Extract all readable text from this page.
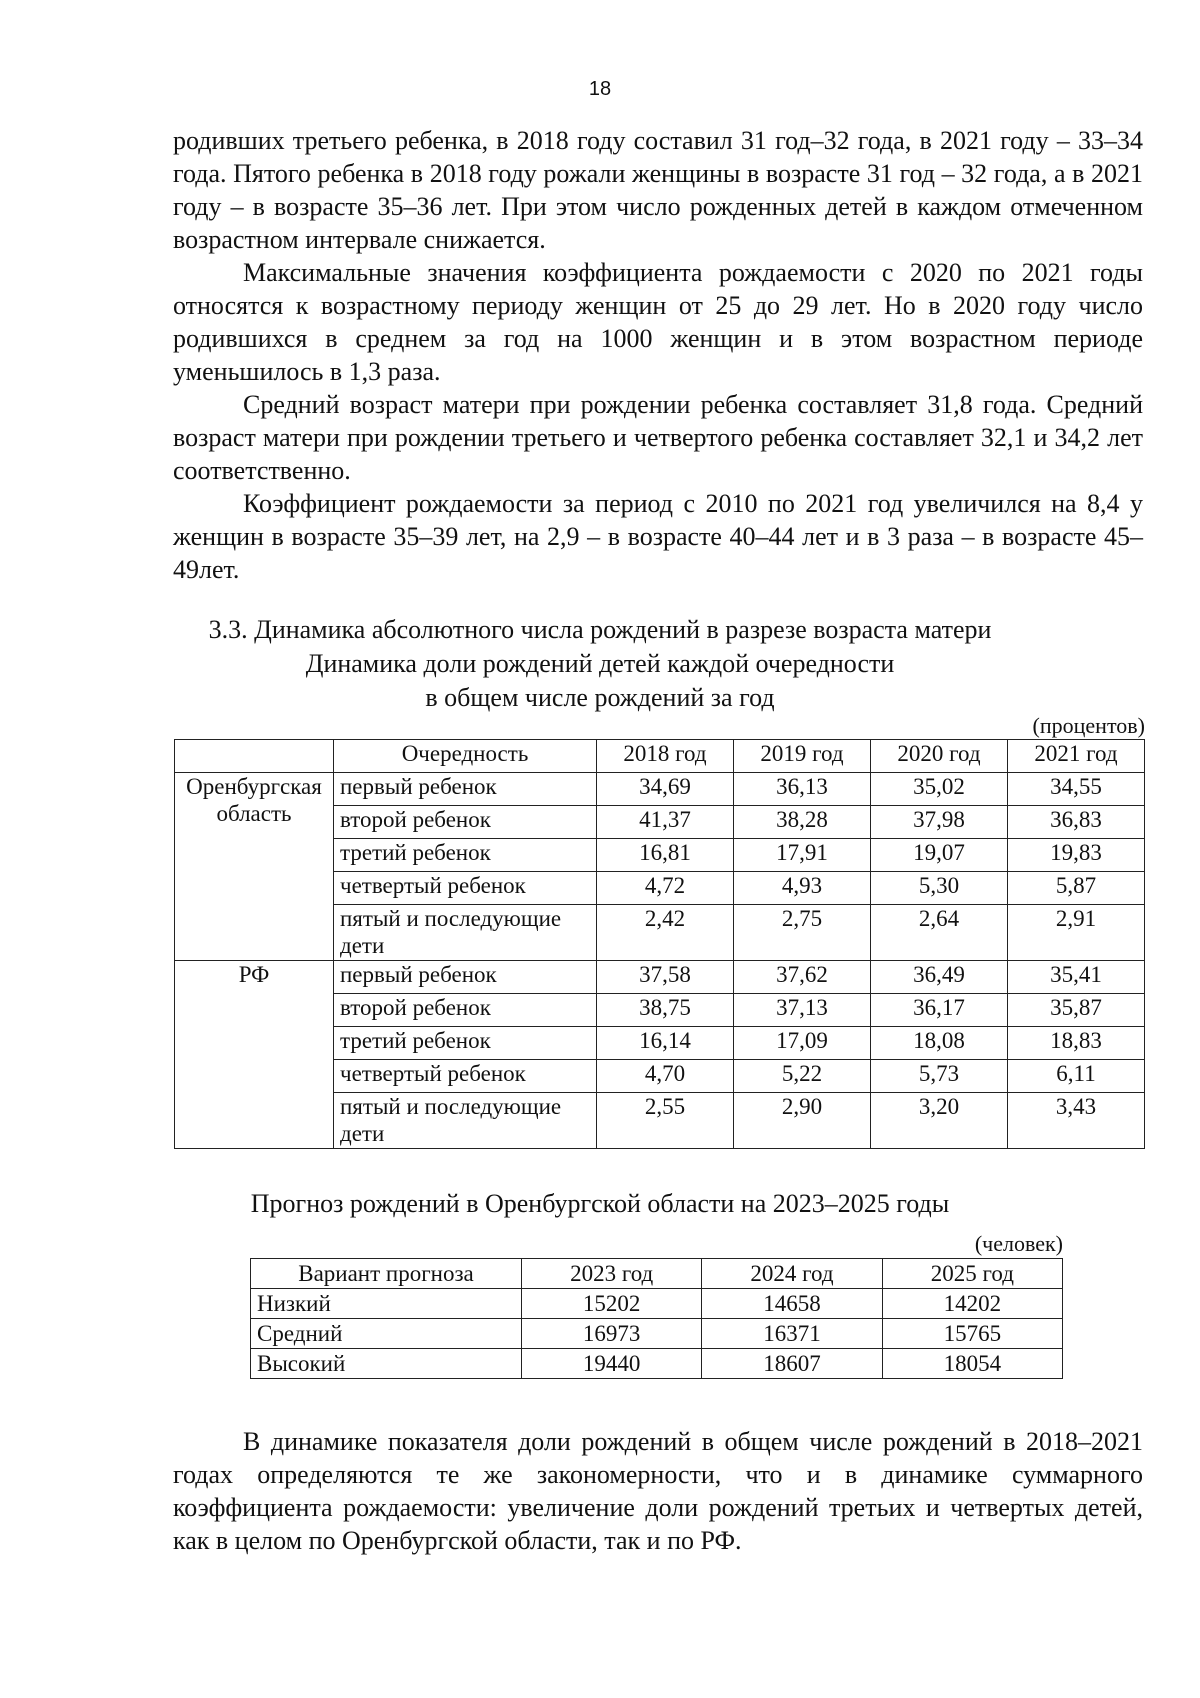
18

родивших третьего ребенка, в 2018 году составил 31 год–32 года, в 2021 году – 33–34 года. Пятого ребенка в 2018 году рожали женщины в возрасте 31 год – 32 года, а в 2021 году – в возрасте 35–36 лет. При этом число рожденных детей в каждом отмеченном возрастном интервале снижается.

Максимальные значения коэффициента рождаемости с 2020 по 2021 годы относятся к возрастному периоду женщин от 25 до 29 лет. Но в 2020 году число родившихся в среднем за год на 1000 женщин и в этом возрастном периоде уменьшилось в 1,3 раза.

Средний возраст матери при рождении ребенка составляет 31,8 года. Средний возраст матери при рождении третьего и четвертого ребенка составляет 32,1 и 34,2 лет соответственно.

Коэффициент рождаемости за период с 2010 по 2021 год увеличился на 8,4 у женщин в возрасте 35–39 лет, на 2,9 – в возрасте 40–44 лет и в 3 раза – в возрасте 45–49лет.

3.3. Динамика абсолютного числа рождений в разрезе возраста матери
Динамика доли рождений детей каждой очередности
в общем числе рождений за год
(процентов)
	Очередность	2018 год	2019 год	2020 год	2021 год
Оренбургская область	первый ребенок	34,69	36,13	35,02	34,55
	второй ребенок	41,37	38,28	37,98	36,83
	третий ребенок	16,81	17,91	19,07	19,83
	четвертый ребенок	4,72	4,93	5,30	5,87
	пятый и последующие дети	2,42	2,75	2,64	2,91
РФ	первый ребенок	37,58	37,62	36,49	35,41
	второй ребенок	38,75	37,13	36,17	35,87
	третий ребенок	16,14	17,09	18,08	18,83
	четвертый ребенок	4,70	5,22	5,73	6,11
	пятый и последующие дети	2,55	2,90	3,20	3,43
Прогноз рождений в Оренбургской области на 2023–2025 годы
(человек)
Вариант прогноза	2023 год	2024 год	2025 год
Низкий	15202	14658	14202
Средний	16973	16371	15765
Высокий	19440	18607	18054

В динамике показателя доли рождений в общем числе рождений в 2018–2021 годах определяются те же закономерности, что и в динамике суммарного коэффициента рождаемости: увеличение доли рождений третьих и четвертых детей, как в целом по Оренбургской области, так и по РФ.
